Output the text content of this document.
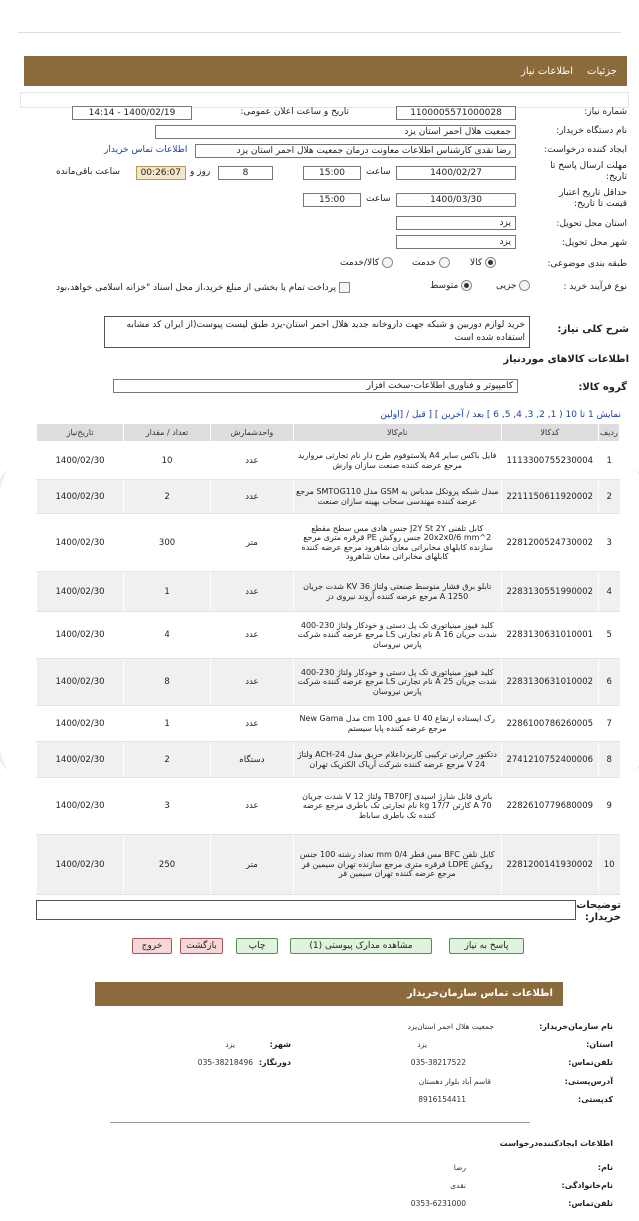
جزئیات
اطلاعات نیاز
شماره نیاز:
1100005571000028
تاریخ و ساعت اعلان عمومی:
1400/02/19 - 14:14
نام دستگاه خریدار:
جمعیت هلال احمر استان یزد
ایجاد کننده درخواست:
رضا نقدی کارشناس اطلاعات معاونت درمان جمعیت هلال احمر استان یزد
اطلاعات تماس خریدار
مهلت ارسال پاسخ تا تاریخ:
1400/02/27
ساعت
15:00
8
روز و
00:26:07
ساعت باقی‌مانده
حداقل تاریخ اعتبار قیمت تا تاریخ:
1400/03/30
ساعت
15:00
استان محل تحویل:
یزد
شهر محل تحویل:
یزد
طبقه بندی موضوعی:
کالا
خدمت
کالا/خدمت
نوع فرآیند خرید :
جزیی
متوسط
پرداخت تمام یا بخشی از مبلغ خرید،از محل اسناد "خزانه اسلامی خواهد،بود
شرح کلی نیاز:
خرید لوازم دوربین و شبکه جهت داروخانه جدید هلال احمر استان-یزد طبق لیست پیوست(از ایران کد مشابه استفاده شده است
اطلاعات کالاهای موردنیاز
گروه کالا:
کامپیوتر و فناوری اطلاعات-سخت افزار
نمایش 1 تا 10 ( 1, 2, 3, 4, 5, 6 ] بعد / آخرین ] [ قبل / [اولین
ردیف	کدکالا	نام‌کالا	واحدشمارش	تعداد / مقدار	تاریخ‌نیاز
1	1113300755230004	فایل باکس سایز A4 پلاستوفوم طرح دار نام تجارتی مروارید مرجع عرضه کننده صنعت سازان وارش	عدد	10	1400/02/30
2	2211150611920002	مبدل شبکه پروتکل مدباس به GSM مدل SMTOG110 مرجع عرضه کننده مهندسی سحاب بهینه سازان صنعت	عدد	2	1400/02/30
3	2281200524730002	کابل تلفنی J2Y St 2Y جنس هادی مس سطح مقطع 20x2x0/6 mm^2 جنس روکش PE قرقره متری مرجع سازنده کابلهای مخابراتی مغان شاهرود مرجع عرضه کننده کابلهای مخابراتی مغان شاهرود	متر	300	1400/02/30
4	2283130551990002	تابلو برق فشار متوسط صنعتی ولتاژ 36 KV شدت جریان 1250 A مرجع عرضه کننده آروند نیروی دز	عدد	1	1400/02/30
5	2283130631010001	کلید فیوز مینیاتوری تک پل دستی و خودکار ولتاژ 230-400 شدت جریان 16 A نام تجارتی LS مرجع عرضه کننده شرکت پارس نیروسان	عدد	4	1400/02/30
6	2283130631010002	کلید فیوز مینیاتوری تک پل دستی و خودکار ولتاژ 230-400 شدت جریان 25 A نام تجارتی LS مرجع عرضه کننده شرکت پارس نیروسان	عدد	8	1400/02/30
7	2286100786260005	رک ایستاده ارتفاع 40 U عمق 100 cm مدل New Gama مرجع عرضه کننده پایا سیستم	عدد	1	1400/02/30
8	2741210752400006	دتکتور حرارتی ترکیبی کاربرداعلام حریق مدل ACH-24 ولتاژ 24 V مرجع عرضه کننده شرکت آریاک الکتریک تهران	دستگاه	2	1400/02/30
9	2282610779680009	باتری قابل شارژ اسیدی TB70FJ ولتاژ 12 V شدت جریان 70 A کارتن 17/7 kg نام تجارتی تک باطری مرجع عرضه کننده تک باطری ساباط	عدد	3	1400/02/30
10	2281200141930002	کابل تلفن BFC مس قطر 0/4 mm تعداد رشته 100 جنس روکش LDPE قرقره متری مرجع سازنده تهران سیمین فر مرجع عرضه کننده تهران سیمین فر	متر	250	1400/02/30
توضیحات خریدار:
پاسخ به نیاز
مشاهده مدارک پیوستی (1)
چاپ
بازگشت
خروج
اطلاعات تماس سازمان‌خریدار
نام سازمان‌خریدار:
جمعیت هلال احمر استان‌یزد
استان:
یزد
شهر:
یزد
تلفن‌تماس:
035-38217522
دورنگار:
035-38218496
آدرس‌پستی:
قاسم آباد بلوار دهستان
کدپستی:
8916154411
اطلاعات ایجادکننده‌درخواست
نام:
رضا
نام‌خانوادگی:
نقدی
تلفن‌تماس:
0353-6231000
